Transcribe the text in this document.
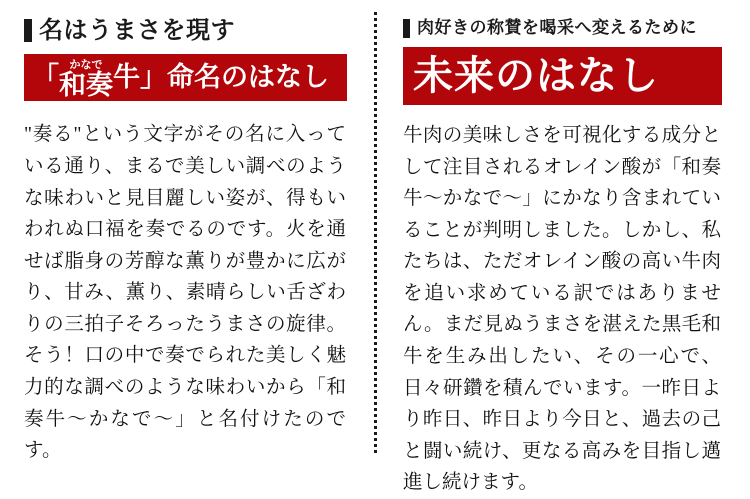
名はうまさを現す
「 かなで
和奏 牛」命名のはなし

"奏る"という文字がその名に入っている通り、まるで美しい調べのような味わいと見目麗しい姿が、得もいわれぬ口福を奏でるのです。火を通せば脂身の芳醇な薫りが豊かに広がり、甘み、薫り、素晴らしい舌ざわりの三拍子そろったうまさの旋律。そう！口の中で奏でられた美しく魅力的な調べのような味わいから「和奏牛〜かなで〜」と名付けたのです。

肉好きの称賛を喝采へ変えるために
未来のはなし

牛肉の美味しさを可視化する成分として注目されるオレイン酸が「和奏牛〜かなで〜」にかなり含まれていることが判明しました。しかし、私たちは、ただオレイン酸の高い牛肉を追い求めている訳ではありません。まだ見ぬうまさを湛えた黒毛和牛を生み出したい、その一心で、日々研鑽を積んでいます。一昨日より昨日、昨日より今日と、過去の己と闘い続け、更なる高みを目指し邁進し続けます。
